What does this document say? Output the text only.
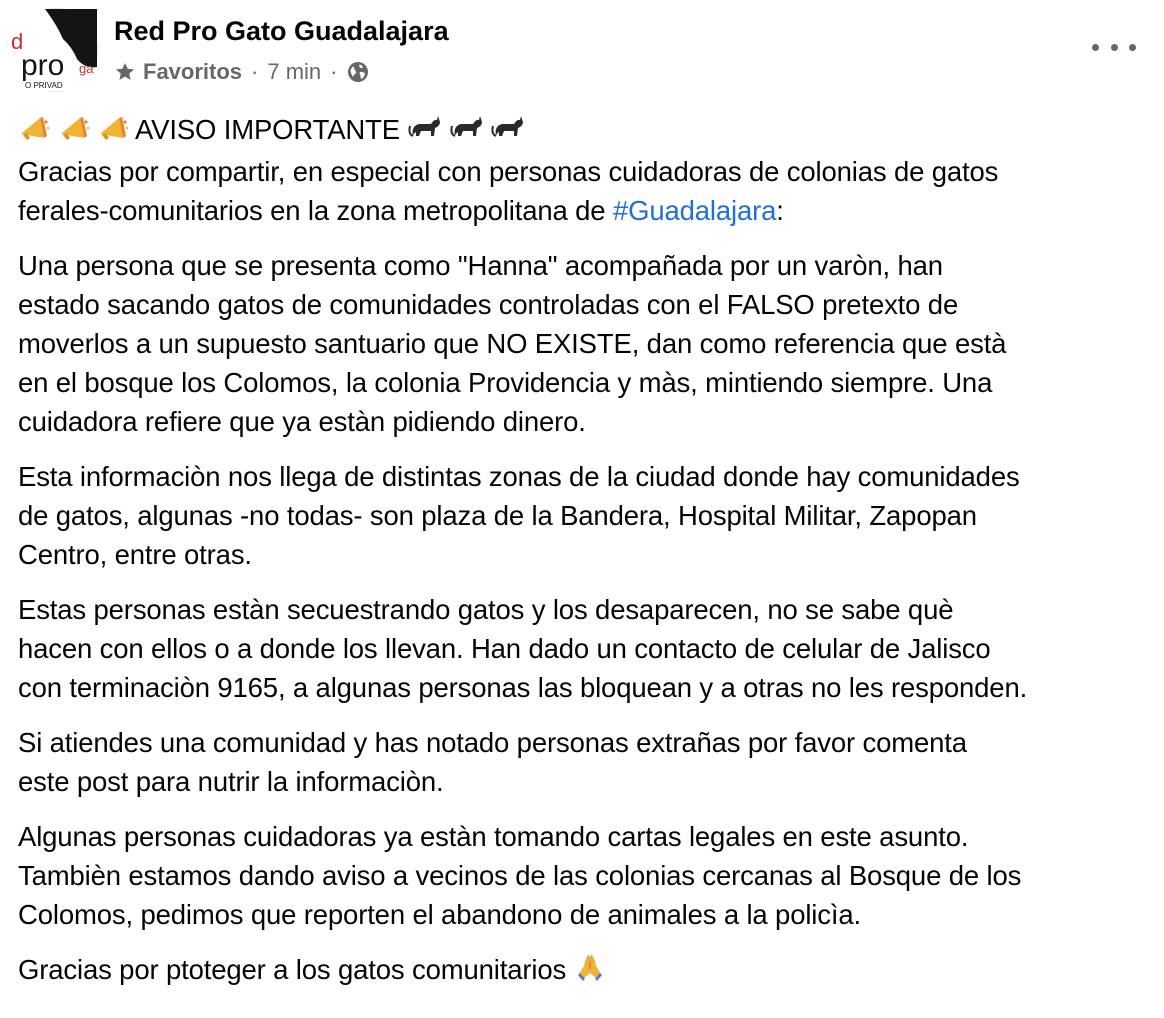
d
pro ga
O PRIVAD
Red Pro Gato Guadalajara
Favoritos · 7 min ·

AVISO IMPORTANTE
Gracias por compartir, en especial con personas cuidadoras de colonias de gatos
ferales-comunitarios en la zona metropolitana de #Guadalajara:

Una persona que se presenta como "Hanna" acompañada por un varòn, han
estado sacando gatos de comunidades controladas con el FALSO pretexto de
moverlos a un supuesto santuario que NO EXISTE, dan como referencia que està
en el bosque los Colomos, la colonia Providencia y màs, mintiendo siempre. Una
cuidadora refiere que ya estàn pidiendo dinero.

Esta informaciòn nos llega de distintas zonas de la ciudad donde hay comunidades
de gatos, algunas -no todas- son plaza de la Bandera, Hospital Militar, Zapopan
Centro, entre otras.

Estas personas estàn secuestrando gatos y los desaparecen, no se sabe què
hacen con ellos o a donde los llevan. Han dado un contacto de celular de Jalisco
con terminaciòn 9165, a algunas personas las bloquean y a otras no les responden.

Si atiendes una comunidad y has notado personas extrañas por favor comenta
este post para nutrir la informaciòn.

Algunas personas cuidadoras ya estàn tomando cartas legales en este asunto.
Tambièn estamos dando aviso a vecinos de las colonias cercanas al Bosque de los
Colomos, pedimos que reporten el abandono de animales a la policìa.

Gracias por ptoteger a los gatos comunitarios
